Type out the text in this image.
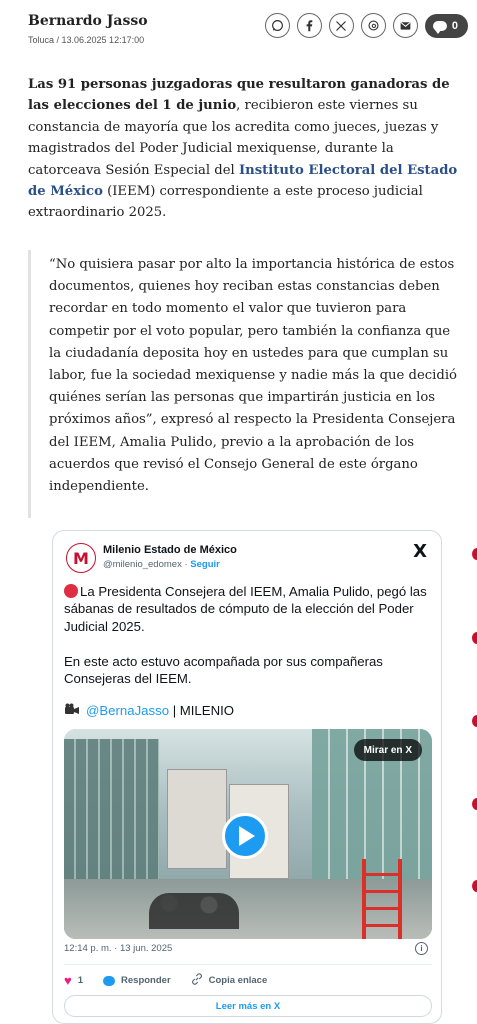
Bernardo Jasso
Toluca / 13.06.2025 12:17:00
0
Las 91 personas juzgadoras que resultaron ganadoras de las elecciones del 1 de junio, recibieron este viernes su constancia de mayoría que los acredita como jueces, juezas y magistrados del Poder Judicial mexiquense, durante la catorceava Sesión Especial del Instituto Electoral del Estado de México (IEEM) correspondiente a este proceso judicial extraordinario 2025.

“No quisiera pasar por alto la importancia histórica de estos documentos, quienes hoy reciban estas constancias deben recordar en todo momento el valor que tuvieron para competir por el voto popular, pero también la confianza que la ciudadanía deposita hoy en ustedes para que cumplan su labor, fue la sociedad mexiquense y nadie más la que decidió quiénes serían las personas que impartirán justicia en los próximos años”, expresó al respecto la Presidenta Consejera del IEEM, Amalia Pulido, previo a la aprobación de los acuerdos que revisó el Consejo General de este órgano independiente.

M Milenio Estado de México
@milenio_edomex · Seguir
X
La Presidenta Consejera del IEEM, Amalia Pulido, pegó las sábanas de resultados de cómputo de la elección del Poder Judicial 2025.

En este acto estuvo acompañada por sus compañeras Consejeras del IEEM.
@BernaJasso | MILENIO
Mirar en X
12:14 p. m. · 13 jun. 2025	i
♥ 1	Responder	Copia enlace
Leer más en X
